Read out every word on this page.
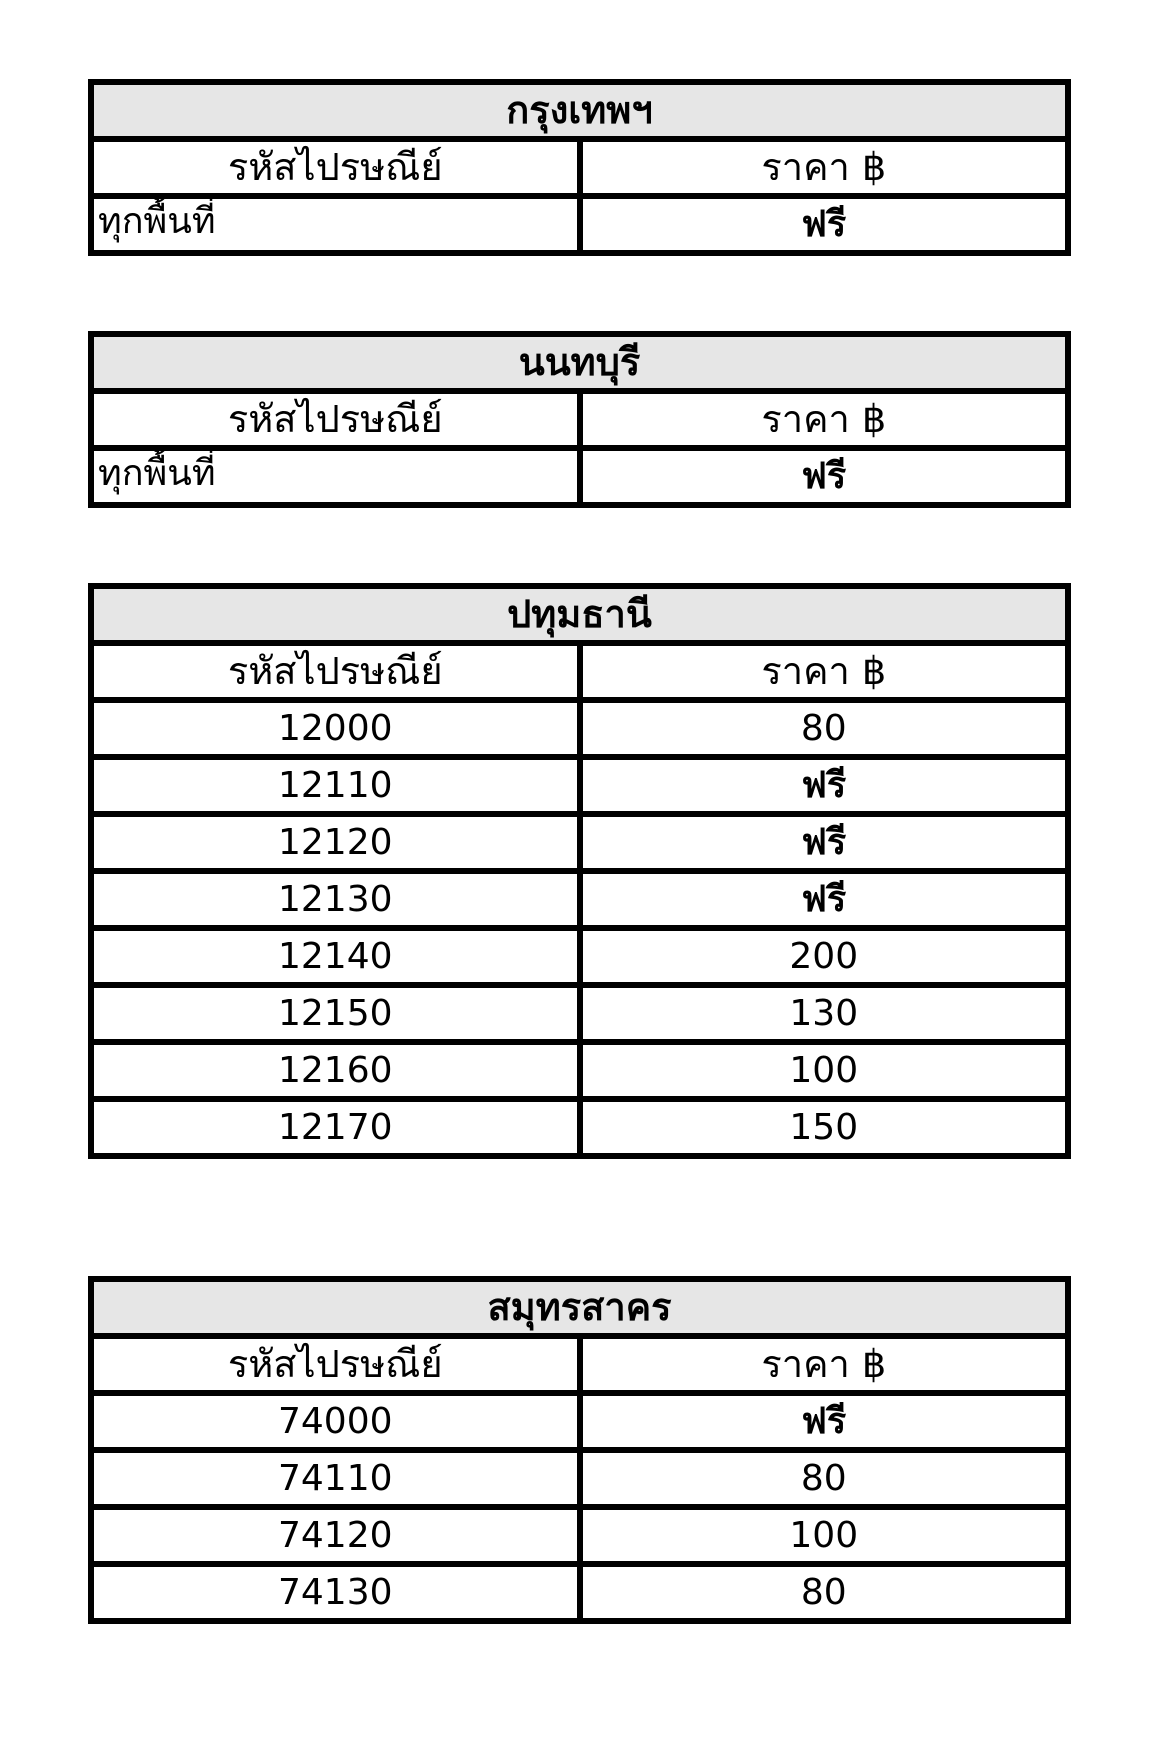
กรุงเทพฯ	
รหัสไปรษณีย์	ราคา ฿
ทุกพื้นที่	ฟรี
นนทบุรี	
รหัสไปรษณีย์	ราคา ฿
ทุกพื้นที่	ฟรี
ปทุมธานี	
รหัสไปรษณีย์	ราคา ฿
12000	80
12110	ฟรี
12120	ฟรี
12130	ฟรี
12140	200
12150	130
12160	100
12170	150
สมุทรสาคร	
รหัสไปรษณีย์	ราคา ฿
74000	ฟรี
74110	80
74120	100
74130	80
